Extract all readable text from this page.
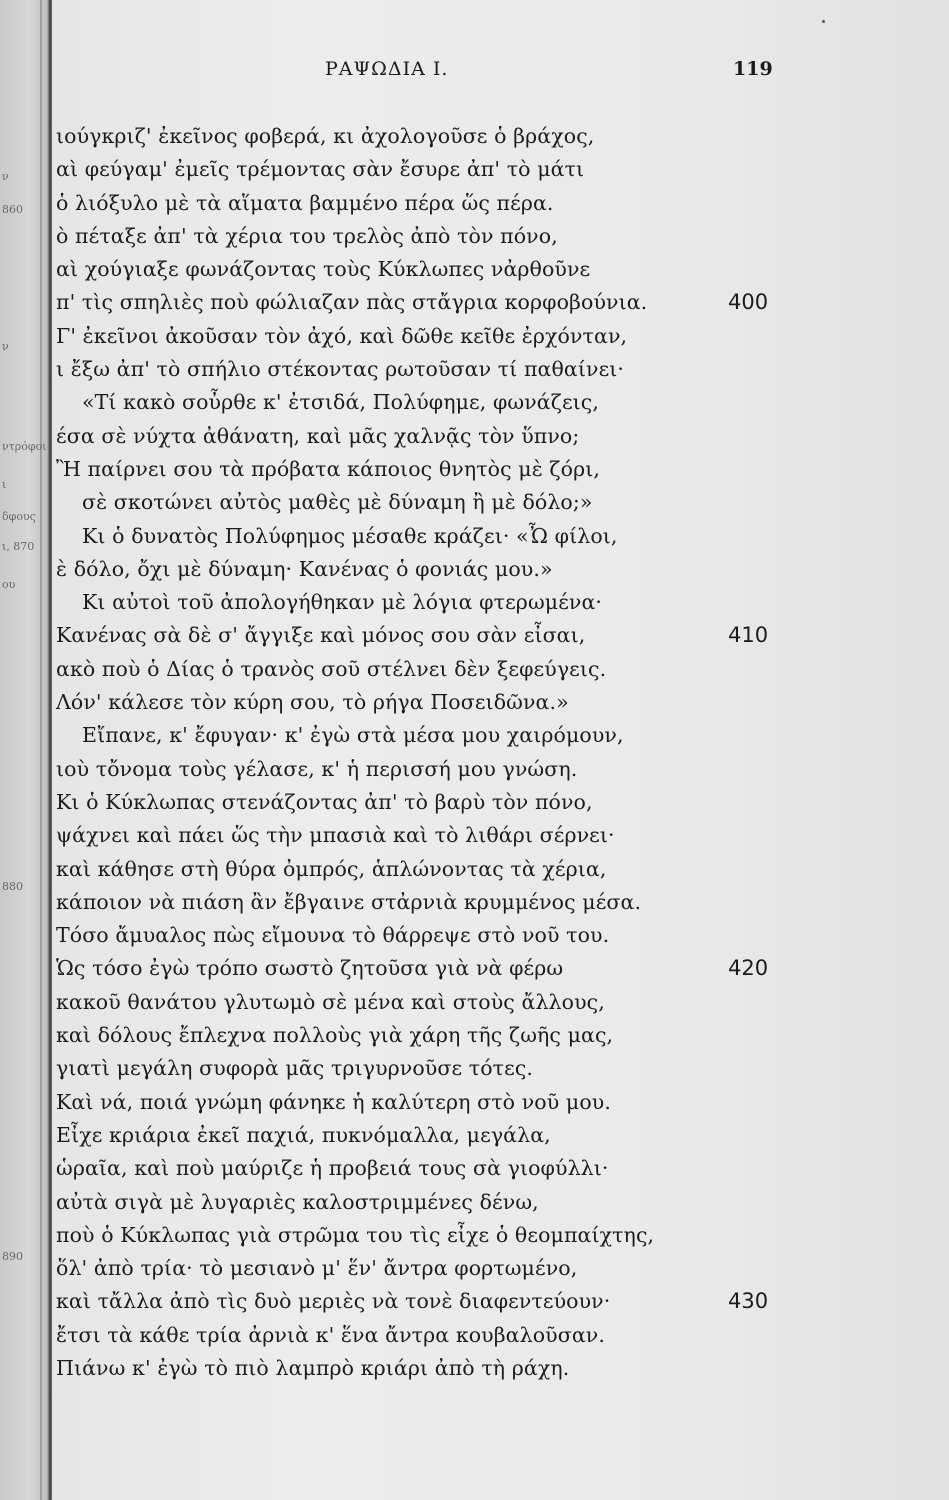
ν
860
ν
ντρόφοι
ι
δφους
ι, 870
ου
880
890
ΡΑΨΩΔΙΑ Ι.	119
ιούγκριζ' ἐκεῖνος φοβερά, κι ἀχολογοῦσε ὁ βράχος,
αὶ φεύγαμ' ἐμεῖς τρέμοντας σὰν ἔσυρε ἀπ' τὸ μάτι
ὁ λιόξυλο μὲ τὰ αἵματα βαμμένο πέρα ὥς πέρα.
ὸ πέταξε ἀπ' τὰ χέρια του τρελὸς ἀπὸ τὸν πόνο,
αὶ χούγιαξε φωνάζοντας τοὺς Κύκλωπες νἀρθοῦνε
π' τὶς σπηλιὲς ποὺ φώλιαζαν πὰς στἄγρια κορφοβούνια.	400
Γ' ἐκεῖνοι ἀκοῦσαν τὸν ἀχό, καὶ δῶθε κεῖθε ἐρχόνταν,
ι ἔξω ἀπ' τὸ σπήλιο στέκοντας ρωτοῦσαν τί παθαίνει·
«Τί κακὸ σοὖρθε κ' ἐτσιδά, Πολύφημε, φωνάζεις,
έσα σὲ νύχτα ἀθάνατη, καὶ μᾶς χαλνᾷς τὸν ὕπνο;
Ἢ παίρνει σου τὰ πρόβατα κάποιος θνητὸς μὲ ζόρι,
σὲ σκοτώνει αὐτὸς μαθὲς μὲ δύναμη ἢ μὲ δόλο;»
Κι ὁ δυνατὸς Πολύφημος μέσαθε κράζει· «Ὦ φίλοι,
ὲ δόλο, ὄχι μὲ δύναμη· Κανένας ὁ φονιάς μου.»
Κι αὐτοὶ τοῦ ἀπολογήθηκαν μὲ λόγια φτερωμένα·
Κανένας σὰ δὲ σ' ἄγγιξε καὶ μόνος σου σὰν εἶσαι,	410
ακὸ ποὺ ὁ Δίας ὁ τρανὸς σοῦ στέλνει δὲν ξεφεύγεις.
Λόν' κάλεσε τὸν κύρη σου, τὸ ρήγα Ποσειδῶνα.»
Εἴπανε, κ' ἔφυγαν· κ' ἐγὼ στὰ μέσα μου χαιρόμουν,
ιοὺ τὄνομα τοὺς γέλασε, κ' ἡ περισσή μου γνώση.
Κι ὁ Κύκλωπας στενάζοντας ἀπ' τὸ βαρὺ τὸν πόνο,
ψάχνει καὶ πάει ὥς τὴν μπασιὰ καὶ τὸ λιθάρι σέρνει·
καὶ κάθησε στὴ θύρα ὀμπρός, ἁπλώνοντας τὰ χέρια,
κάποιον νὰ πιάση ἂν ἔβγαινε στἀρνιὰ κρυμμένος μέσα.
Τόσο ἄμυαλος πὼς εἴμουνα τὸ θάρρεψε στὸ νοῦ του.
Ὡς τόσο ἐγὼ τρόπο σωστὸ ζητοῦσα γιὰ νὰ φέρω	420
κακοῦ θανάτου γλυτωμὸ σὲ μένα καὶ στοὺς ἄλλους,
καὶ δόλους ἔπλεχνα πολλοὺς γιὰ χάρη τῆς ζωῆς μας,
γιατὶ μεγάλη συφορὰ μᾶς τριγυρνοῦσε τότες.
Καὶ νά, ποιά γνώμη φάνηκε ἡ καλύτερη στὸ νοῦ μου.
Εἶχε κριάρια ἐκεῖ παχιά, πυκνόμαλλα, μεγάλα,
ὡραῖα, καὶ ποὺ μαύριζε ἡ προβειά τους σὰ γιοφύλλι·
αὐτὰ σιγὰ μὲ λυγαριὲς καλοστριμμένες δένω,
ποὺ ὁ Κύκλωπας γιὰ στρῶμα του τὶς εἶχε ὁ θεομπαίχτης,
ὅλ' ἀπὸ τρία· τὸ μεσιανὸ μ' ἕν' ἄντρα φορτωμένο,
καὶ τἄλλα ἀπὸ τὶς δυὸ μεριὲς νὰ τονὲ διαφεντεύουν·	430
ἔτσι τὰ κάθε τρία ἀρνιὰ κ' ἕνα ἄντρα κουβαλοῦσαν.
Πιάνω κ' ἐγὼ τὸ πιὸ λαμπρὸ κριάρι ἀπὸ τὴ ράχη.
